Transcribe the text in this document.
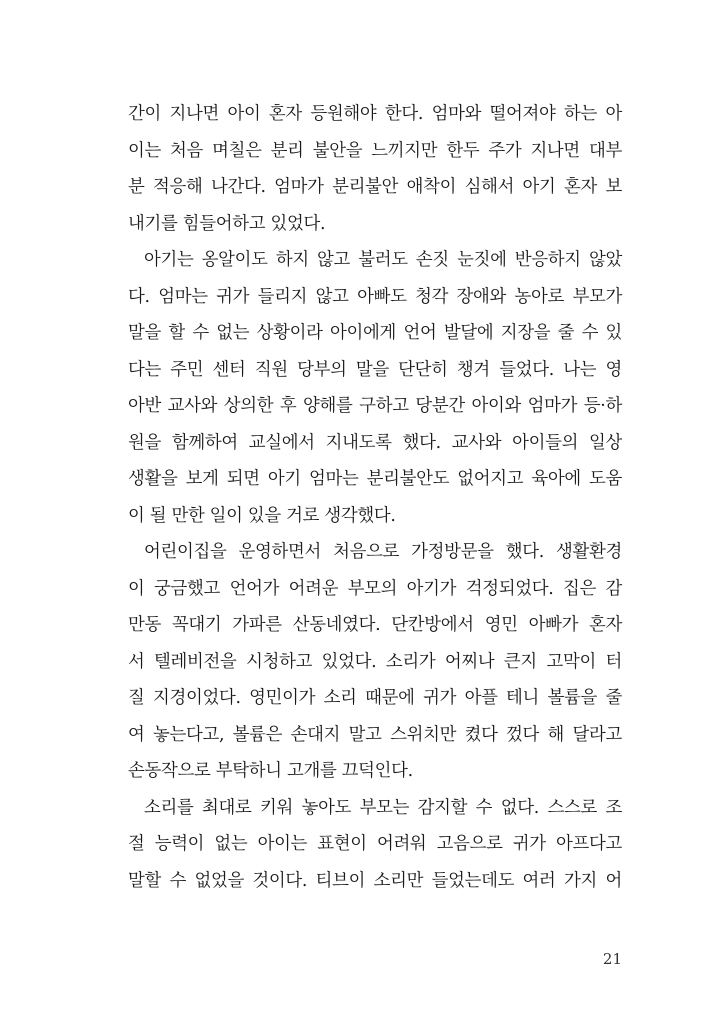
간이 지나면 아이 혼자 등원해야 한다. 엄마와 떨어져야 하는 아
이는 처음 며칠은 분리 불안을 느끼지만 한두 주가 지나면 대부
분 적응해 나간다. 엄마가 분리불안 애착이 심해서 아기 혼자 보
내기를 힘들어하고 있었다.
아기는 옹알이도 하지 않고 불러도 손짓 눈짓에 반응하지 않았
다. 엄마는 귀가 들리지 않고 아빠도 청각 장애와 농아로 부모가
말을 할 수 없는 상황이라 아이에게 언어 발달에 지장을 줄 수 있
다는 주민 센터 직원 당부의 말을 단단히 챙겨 들었다. 나는 영
아반 교사와 상의한 후 양해를 구하고 당분간 아이와 엄마가 등·하
원을 함께하여 교실에서 지내도록 했다. 교사와 아이들의 일상
생활을 보게 되면 아기 엄마는 분리불안도 없어지고 육아에 도움
이 될 만한 일이 있을 거로 생각했다.
어린이집을 운영하면서 처음으로 가정방문을 했다. 생활환경
이 궁금했고 언어가 어려운 부모의 아기가 걱정되었다. 집은 감
만동 꼭대기 가파른 산동네였다. 단칸방에서 영민 아빠가 혼자
서 텔레비전을 시청하고 있었다. 소리가 어찌나 큰지 고막이 터
질 지경이었다. 영민이가 소리 때문에 귀가 아플 테니 볼륨을 줄
여 놓는다고, 볼륨은 손대지 말고 스위치만 켰다 껐다 해 달라고
손동작으로 부탁하니 고개를 끄덕인다.
소리를 최대로 키워 놓아도 부모는 감지할 수 없다. 스스로 조
절 능력이 없는 아이는 표현이 어려워 고음으로 귀가 아프다고
말할 수 없었을 것이다. 티브이 소리만 들었는데도 여러 가지 어
21
